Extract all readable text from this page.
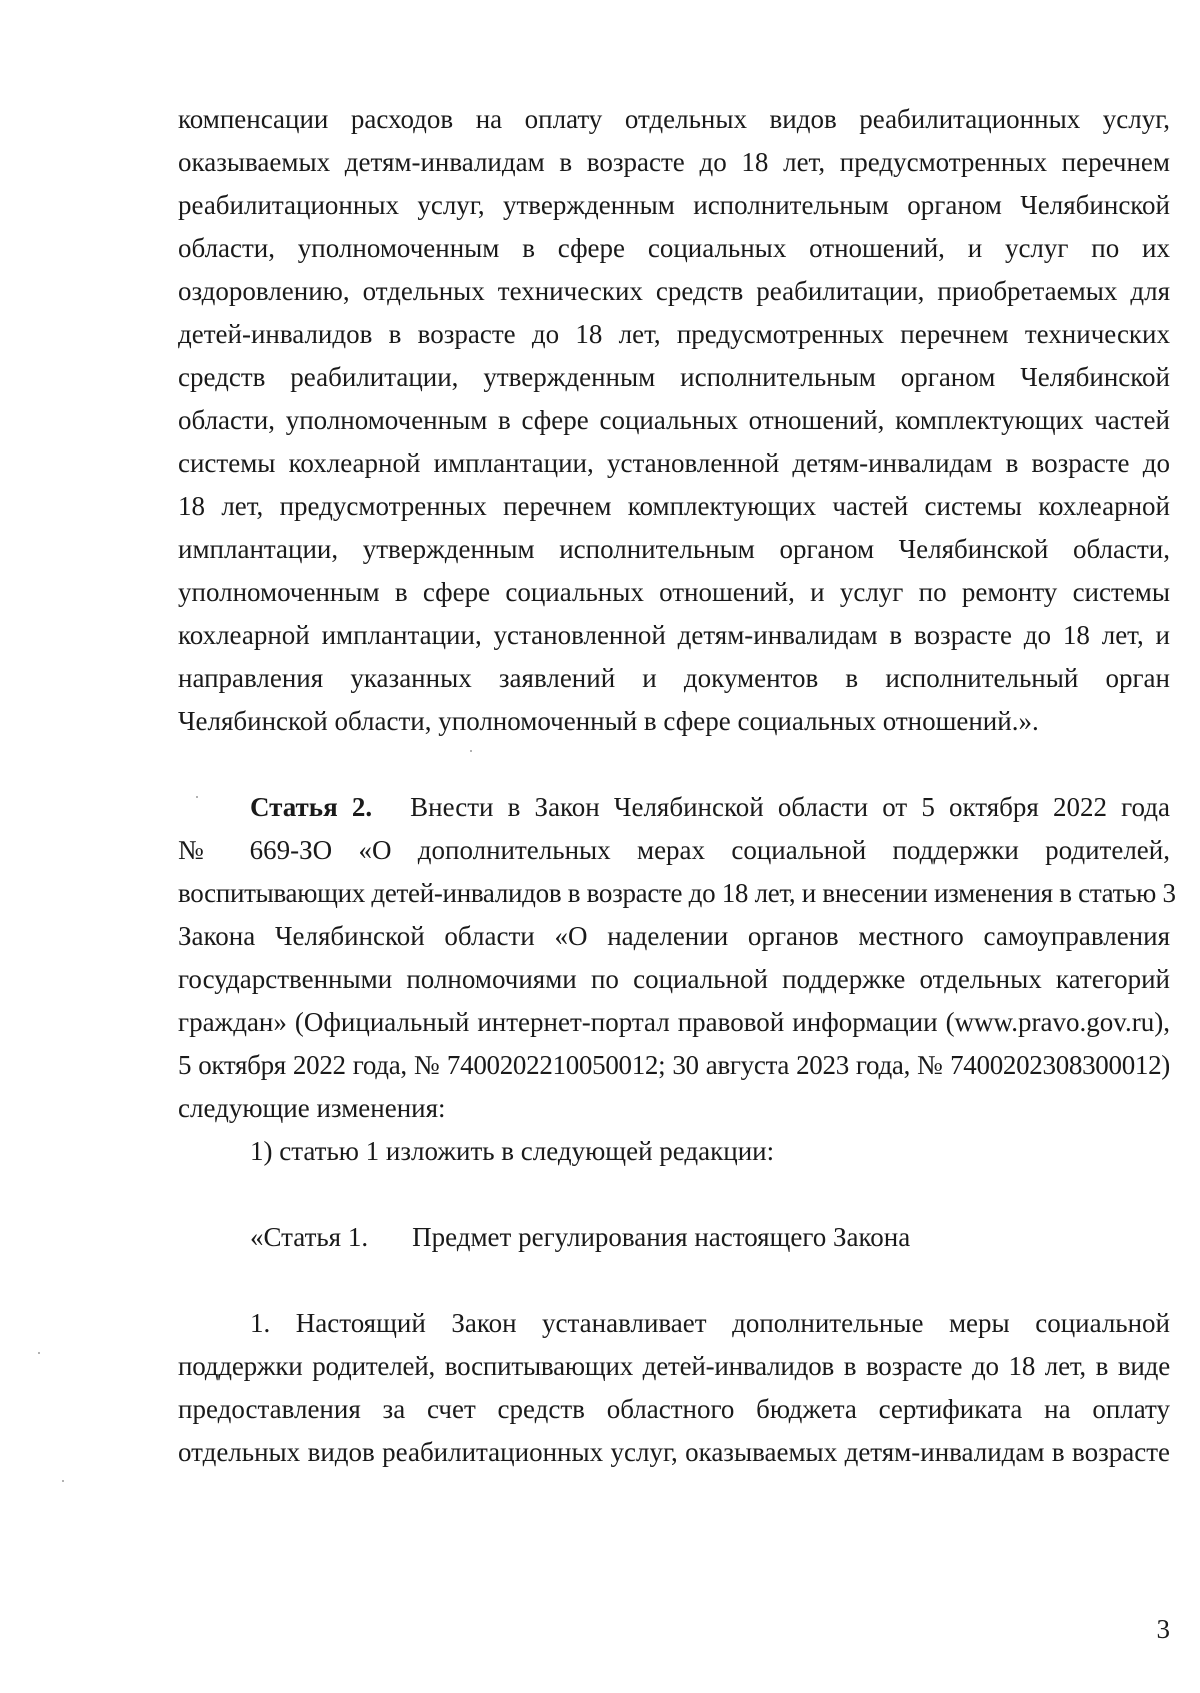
компенсации расходов на оплату отдельных видов реабилитационных услуг,
оказываемых детям-инвалидам в возрасте до 18 лет, предусмотренных перечнем
реабилитационных услуг, утвержденным исполнительным органом Челябинской
области, уполномоченным в сфере социальных отношений, и услуг по их
оздоровлению, отдельных технических средств реабилитации, приобретаемых для
детей-инвалидов в возрасте до 18 лет, предусмотренных перечнем технических
средств реабилитации, утвержденным исполнительным органом Челябинской
области, уполномоченным в сфере социальных отношений, комплектующих частей
системы кохлеарной имплантации, установленной детям-инвалидам в возрасте до
18 лет, предусмотренных перечнем комплектующих частей системы кохлеарной
имплантации, утвержденным исполнительным органом Челябинской области,
уполномоченным в сфере социальных отношений, и услуг по ремонту системы
кохлеарной имплантации, установленной детям-инвалидам в возрасте до 18 лет, и
направления указанных заявлений и документов в исполнительный орган
Челябинской области, уполномоченный в сфере социальных отношений.».
Статья 2. Внести в Закон Челябинской области от 5 октября 2022 года
№ 669-ЗО «О дополнительных мерах социальной поддержки родителей,
воспитывающих детей-инвалидов в возрасте до 18 лет, и внесении изменения в статью 3
Закона Челябинской области «О наделении органов местного самоуправления
государственными полномочиями по социальной поддержке отдельных категорий
граждан» (Официальный интернет-портал правовой информации (www.pravo.gov.ru),
5 октября 2022 года, № 7400202210050012; 30 августа 2023 года, № 7400202308300012)
следующие изменения:
1) статью 1 изложить в следующей редакции:
«Статья 1. Предмет регулирования настоящего Закона
1. Настоящий Закон устанавливает дополнительные меры социальной
поддержки родителей, воспитывающих детей-инвалидов в возрасте до 18 лет, в виде
предоставления за счет средств областного бюджета сертификата на оплату
отдельных видов реабилитационных услуг, оказываемых детям-инвалидам в возрасте
3
